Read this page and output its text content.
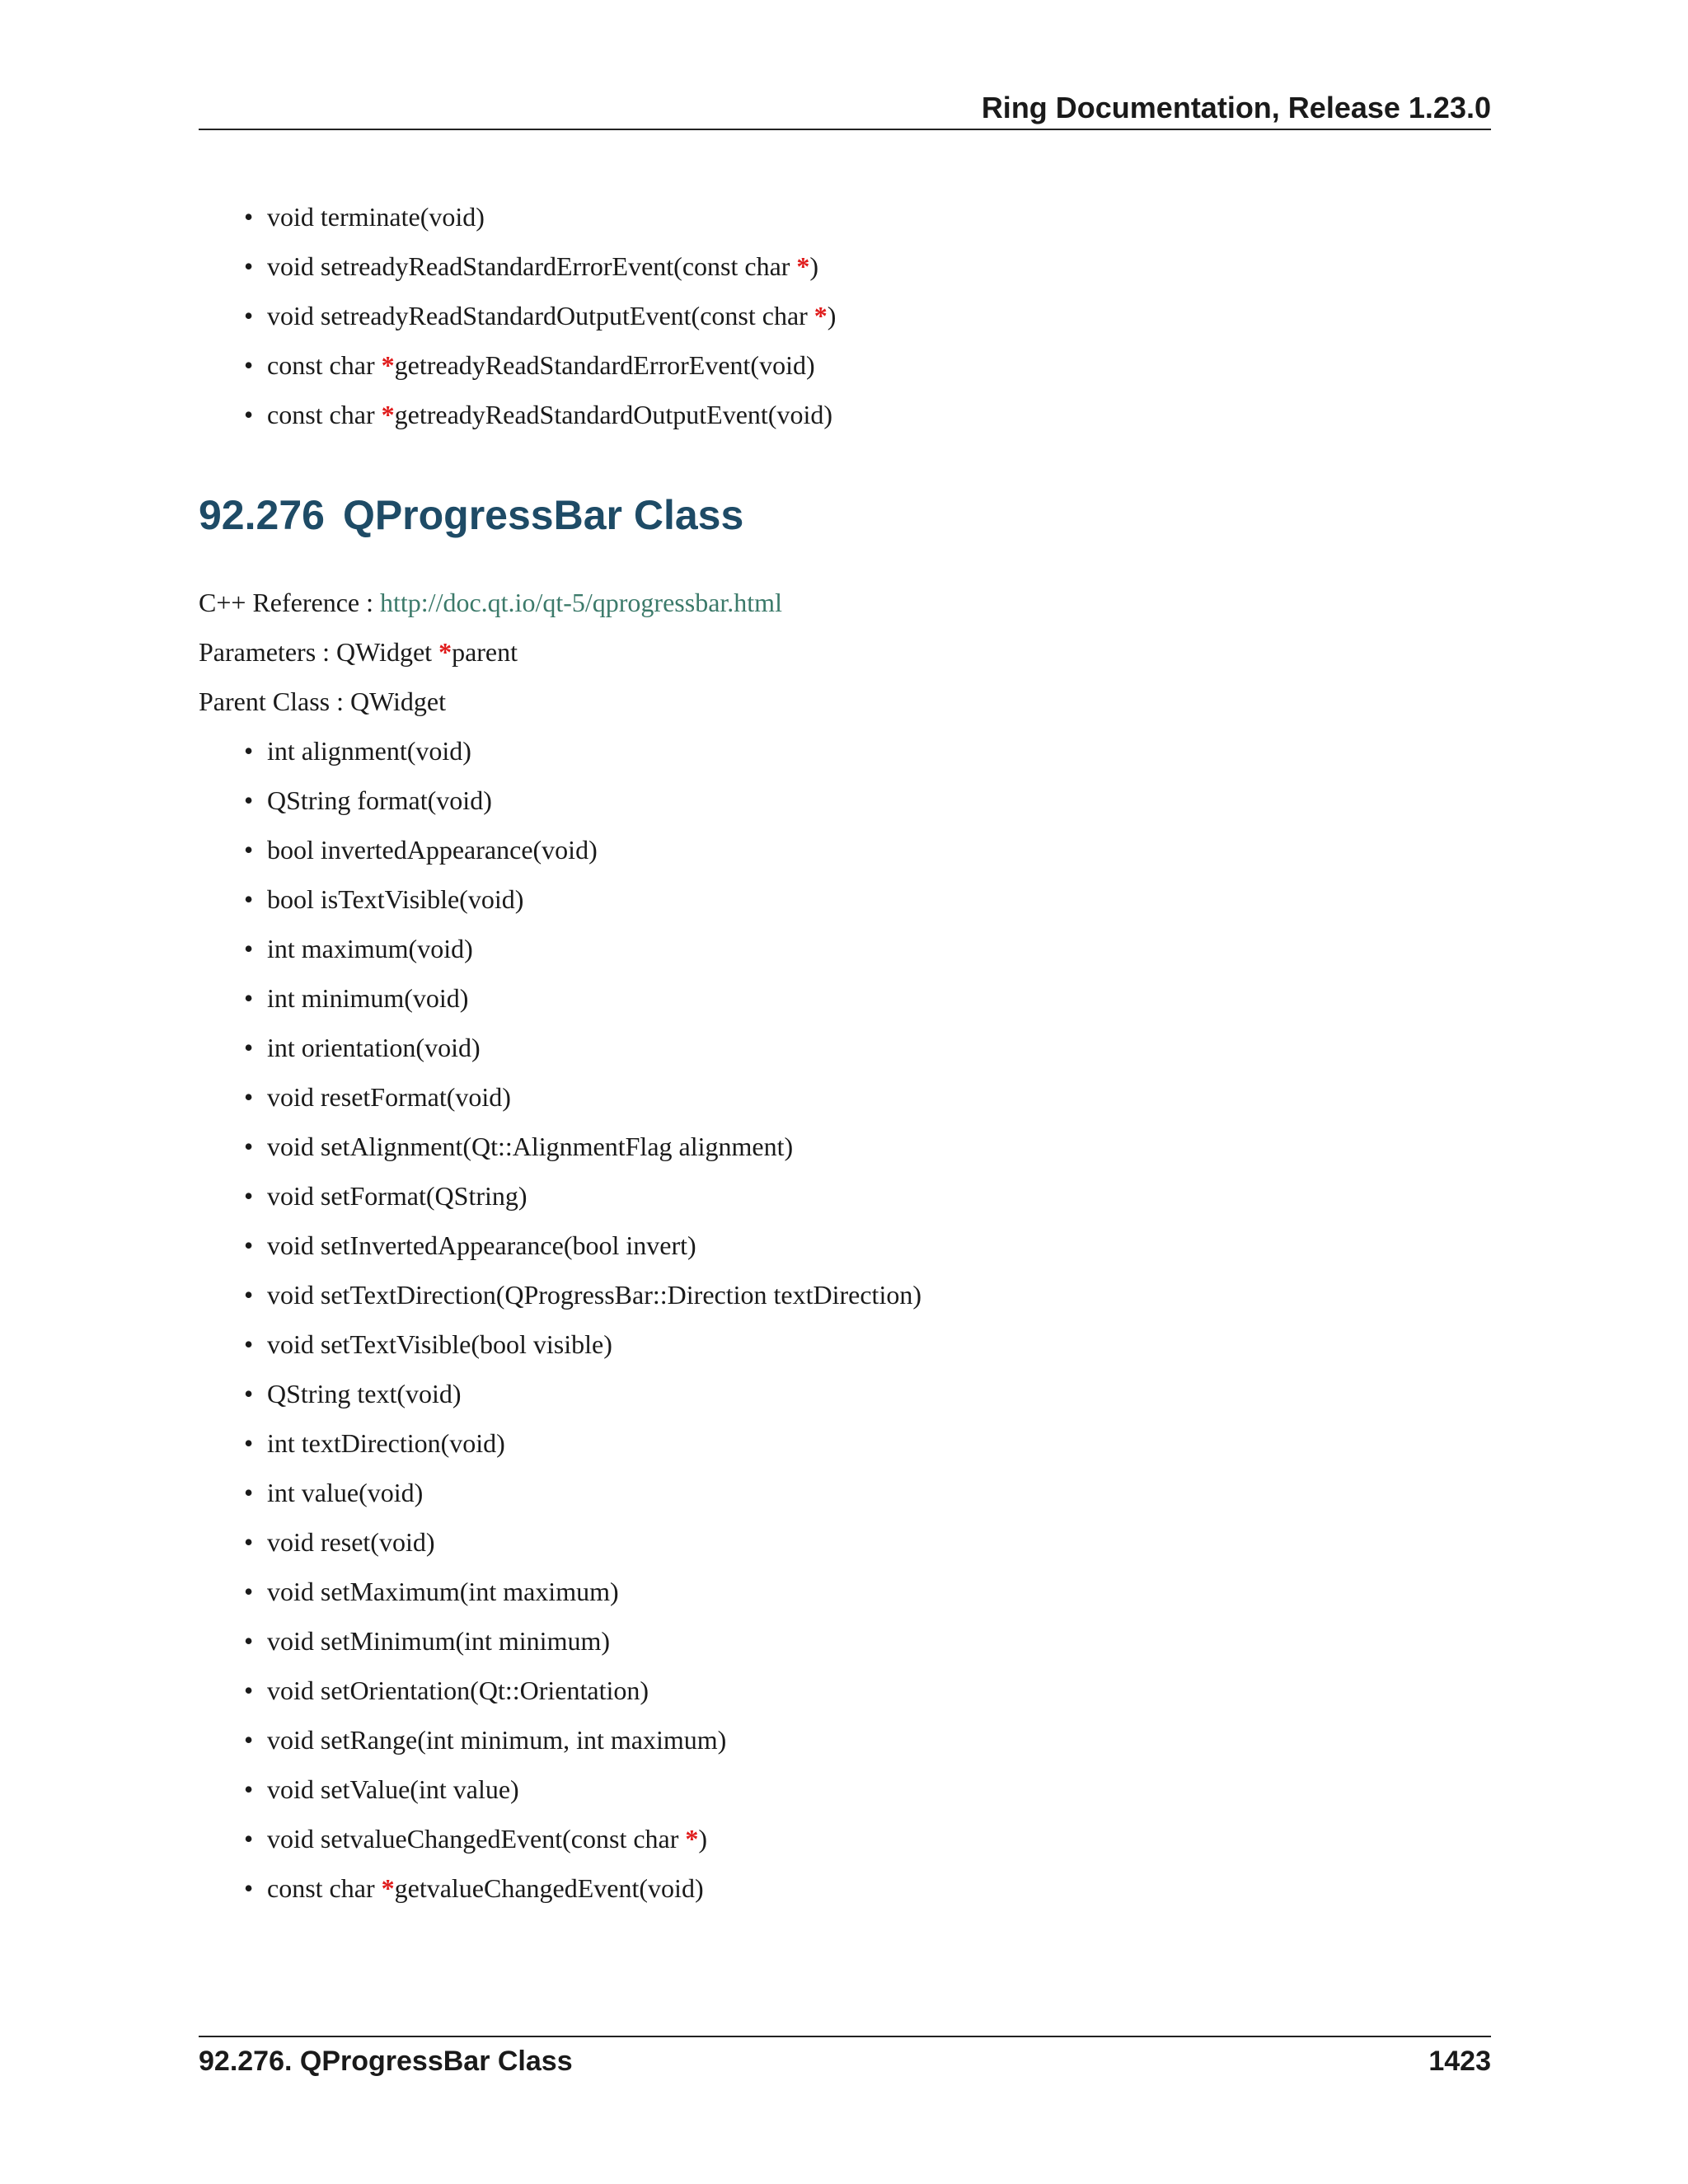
Ring Documentation, Release 1.23.0
• void terminate(void)
• void setreadyReadStandardErrorEvent(const char *)
• void setreadyReadStandardOutputEvent(const char *)
• const char *getreadyReadStandardErrorEvent(void)
• const char *getreadyReadStandardOutputEvent(void)
92.276 QProgressBar Class
C++ Reference : http://doc.qt.io/qt-5/qprogressbar.html
Parameters : QWidget *parent
Parent Class : QWidget
• int alignment(void)
• QString format(void)
• bool invertedAppearance(void)
• bool isTextVisible(void)
• int maximum(void)
• int minimum(void)
• int orientation(void)
• void resetFormat(void)
• void setAlignment(Qt::AlignmentFlag alignment)
• void setFormat(QString)
• void setInvertedAppearance(bool invert)
• void setTextDirection(QProgressBar::Direction textDirection)
• void setTextVisible(bool visible)
• QString text(void)
• int textDirection(void)
• int value(void)
• void reset(void)
• void setMaximum(int maximum)
• void setMinimum(int minimum)
• void setOrientation(Qt::Orientation)
• void setRange(int minimum, int maximum)
• void setValue(int value)
• void setvalueChangedEvent(const char *)
• const char *getvalueChangedEvent(void)
92.276. QProgressBar Class	1423
